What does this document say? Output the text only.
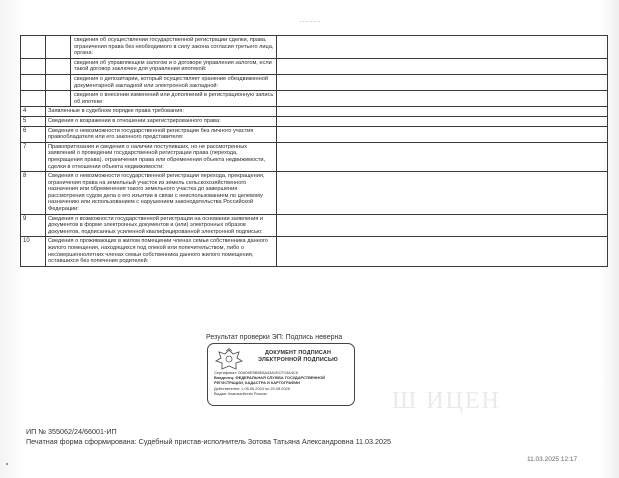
........
		сведения об осуществлении государственной регистрации сделки, права, ограничения права без необходимого в силу закона согласия третьего лица, органа:	
		сведения об управляющем залогом и о договоре управления залогом, если такой договор заключен для управления ипотекой:	
		сведения о депозитарии, который осуществляет хранение обездвиженной документарной закладной или электронной закладной:	
		сведения о внесении изменений или дополнений в регистрационную запись об ипотеке:	
4	Заявленные в судебном порядке права требования:		
5	Сведения о возражении в отношении зарегистрированного права:		
6	Сведения о невозможности государственной регистрации без личного участия правообладателя или его законного представителя:		
7	Правопритязания и сведения о наличии поступивших, но не рассмотренных заявлений о проведении государственной регистрации права (перехода, прекращения права), ограничения права или обременения объекта недвижимости, сделки в отношении объекта недвижимости:		
8	Сведения о невозможности государственной регистрации перехода, прекращения, ограничения права на земельный участок из земель сельскохозяйственного назначения или обременения такого земельного участка до завершения рассмотрения судом дела о его изъятии в связи с неиспользованием по целевому назначению или использованием с нарушением законодательства Российской Федерации:		
9	Сведения о возможности государственной регистрации на основании заявления и документов в форме электронных документов и (или) электронных образов документов, подписанных усиленной квалифицированной электронной подписью:		
10	Сведения о проживающих в жилом помещении членах семьи собственника данного жилого помещения, находящихся под опекой или попечительством, либо о несовершеннолетних членах семьи собственника данного жилого помещения, оставшихся без попечения родителей:		
Результат проверки ЭП: Подпись неверна
ДОКУМЕНТ ПОДПИСАН
ЭЛЕКТРОННОЙ ПОДПИСЬЮ
Сертификат: 00AD9E5B8E8A43A1ECF13A4C5
Владелец: ФЕДЕРАЛЬНАЯ СЛУЖБА ГОСУДАРСТВЕННОЙ
РЕГИСТРАЦИИ, КАДАСТРА И КАРТОГРАФИИ
Действителен: с 05.06.2024 по 29.08.2025
Выдан: Казначейство России	Ш ИЦЕН
ИП № 355062/24/66001-ИП
Печатная форма сформирована: Судебный пристав-исполнитель Зотова Татьяна Александровна 11.03.2025
11.03.2025 12:17
